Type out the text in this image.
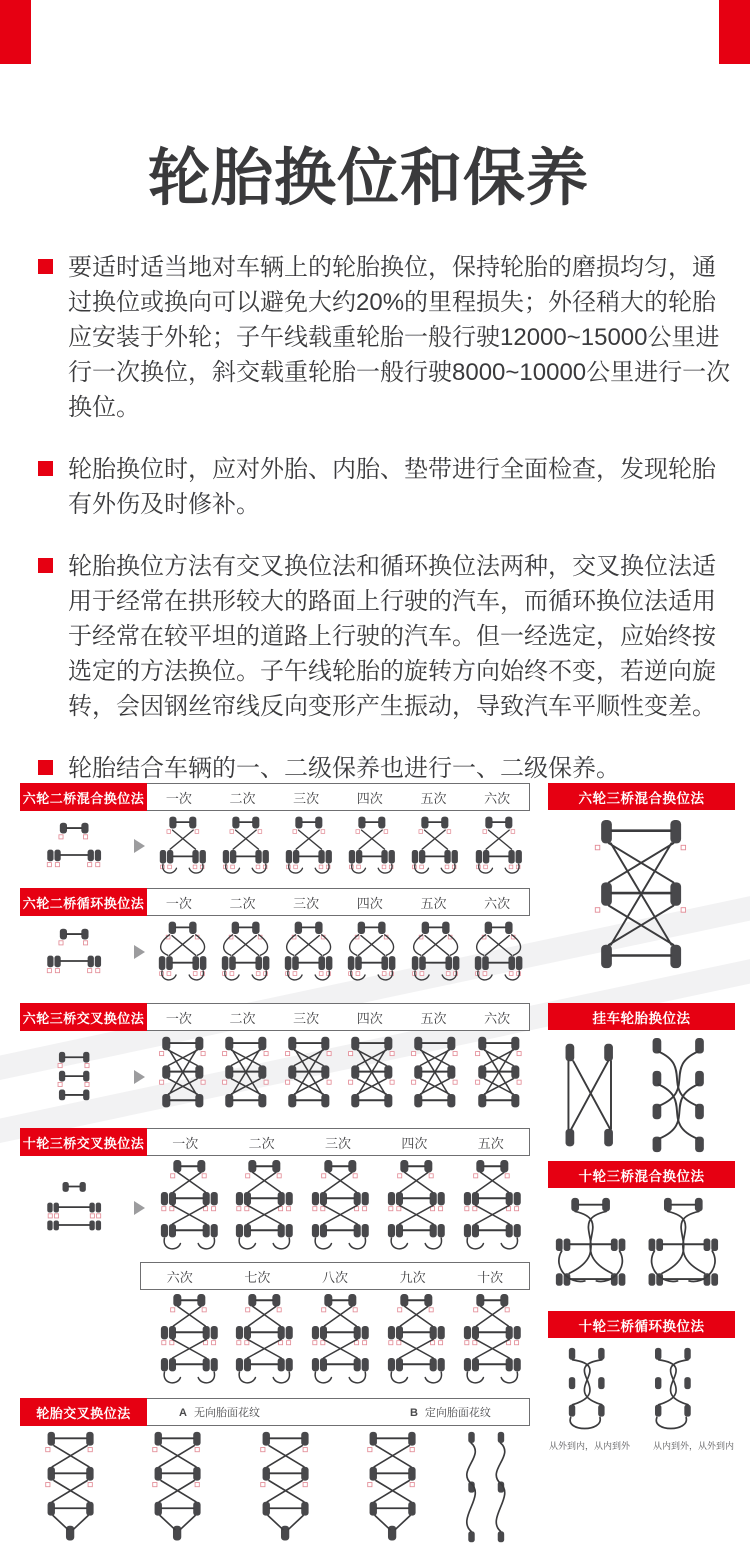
轮胎换位和保养

要适时适当地对车辆上的轮胎换位，保持轮胎的磨损均匀，通过换位或换向可以避免大约20%的里程损失；外径稍大的轮胎应安装于外轮；子午线载重轮胎一般行驶12000~15000公里进行一次换位，斜交载重轮胎一般行驶8000~10000公里进行一次换位。

轮胎换位时，应对外胎、内胎、垫带进行全面检查，发现轮胎有外伤及时修补。

轮胎换位方法有交叉换位法和循环换位法两种，交叉换位法适用于经常在拱形较大的路面上行驶的汽车，而循环换位法适用于经常在较平坦的道路上行驶的汽车。但一经选定，应始终按选定的方法换位。子午线轮胎的旋转方向始终不变，若逆向旋转，会因钢丝帘线反向变形产生振动，导致汽车平顺性变差。

轮胎结合车辆的一、二级保养也进行一、二级保养。

六轮二桥混合换位法 一次	二次	三次	四次	五次	六次
六轮二桥循环换位法 一次	二次	三次	四次	五次	六次
六轮三桥交叉换位法 一次	二次	三次	四次	五次	六次
十轮三桥交叉换位法 一次	二次	三次	四次	五次
六次	七次	八次	九次	十次
轮胎交叉换位法	A 无向胎面花纹	B 定向胎面花纹
六轮三桥混合换位法
挂车轮胎换位法
十轮三桥混合换位法
十轮三桥循环换位法
从外到内，从内到外	从内到外，从外到内
